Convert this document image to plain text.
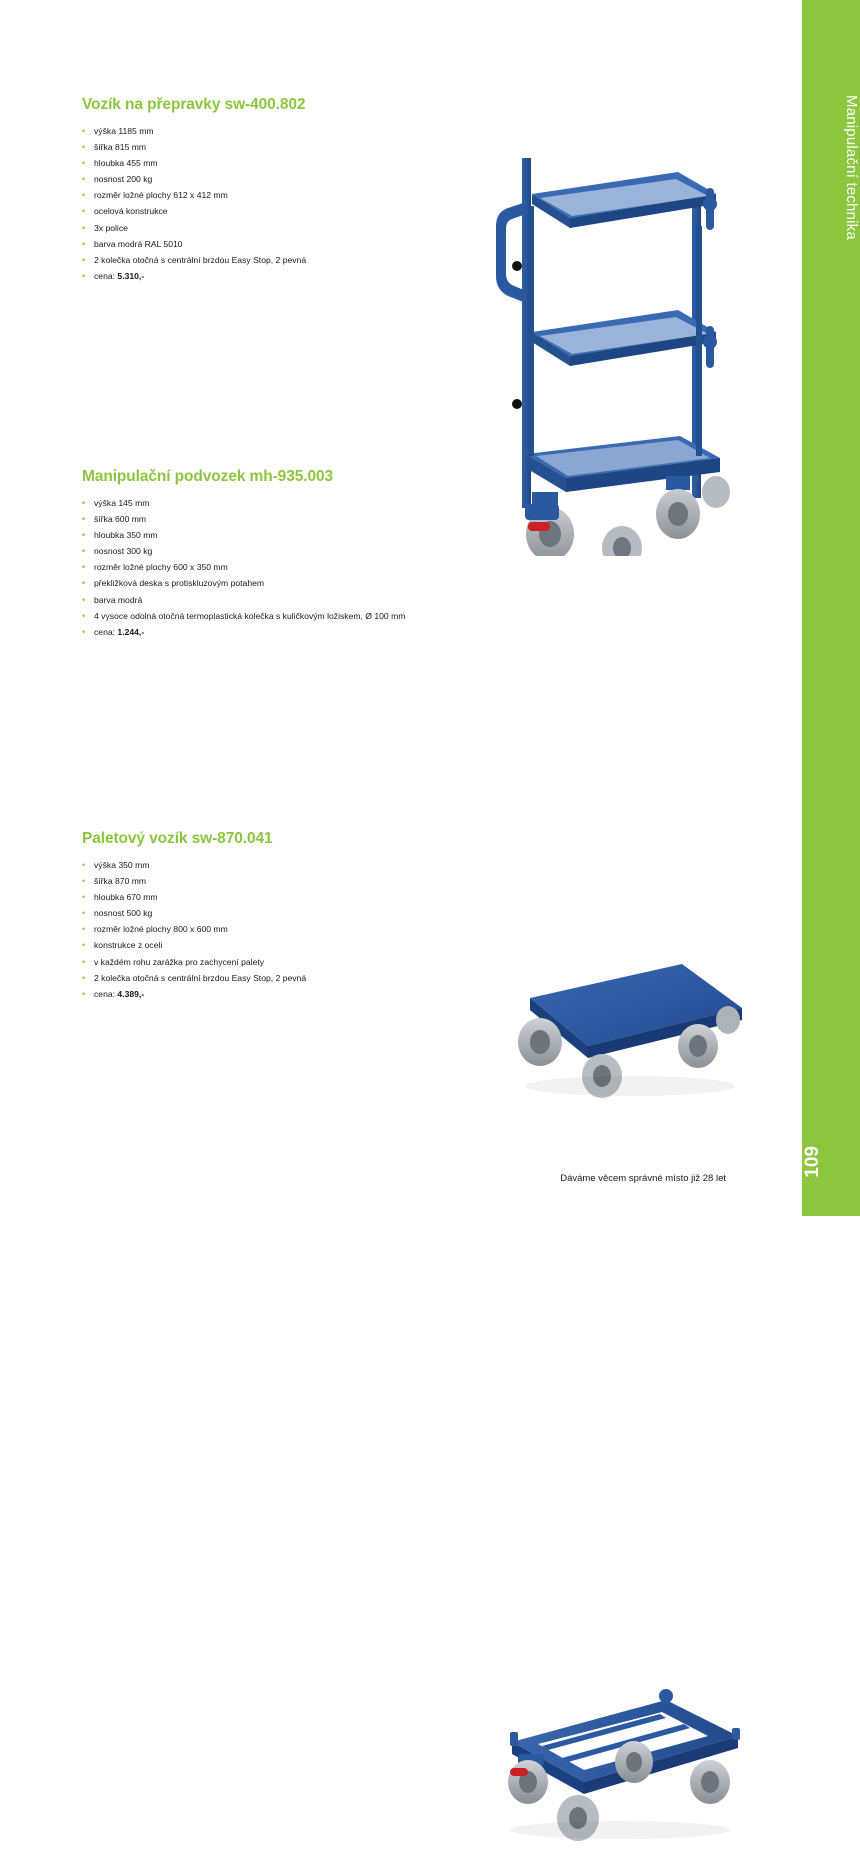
Vozík na přepravky sw-400.802
• výška 1185 mm
• šířka 815 mm
• hloubka 455 mm
• nosnost 200 kg
• rozměr ložné plochy 612 x 412 mm
• ocelová konstrukce
• 3x police
• barva modrá RAL 5010
• 2 kolečka otočná s centrální brzdou Easy Stop, 2 pevná
• cena: 5.310,-
Manipulační podvozek mh-935.003
• výška 145 mm
• šířka 600 mm
• hloubka 350 mm
• nosnost 300 kg
• rozměr ložné plochy 600 x 350 mm
• překližková deska s protiskluzovým potahem
• barva modrá
• 4 vysoce odolná otočná termoplastická kolečka s kuličkovým ložiskem, Ø 100 mm
• cena: 1.244,-
Paletový vozík sw-870.041
• výška 350 mm
• šířka 870 mm
• hloubka 670 mm
• nosnost 500 kg
• rozměr ložné plochy 800 x 600 mm
• konstrukce z oceli
• v každém rohu zarážka pro zachycení palety
• 2 kolečka otočná s centrální brzdou Easy Stop, 2 pevná
• cena: 4.389,-
Dáváme věcem správné místo již 28 let
Manipulační technika
109
